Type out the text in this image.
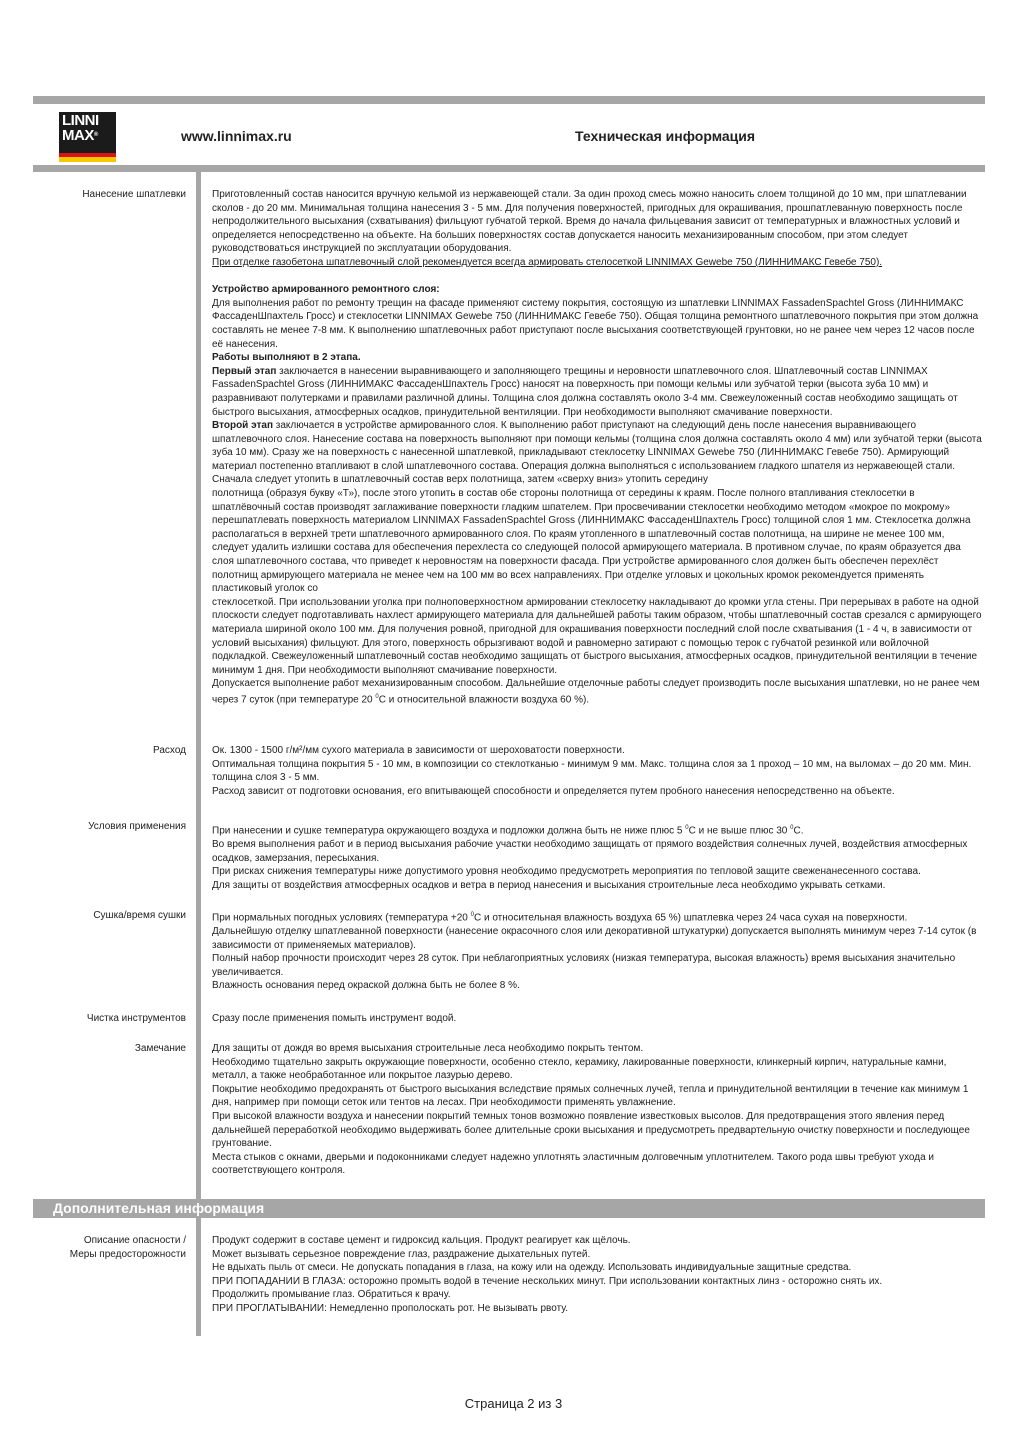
LINNI
MAX®	www.linnimax.ru	Техническая информация
Нанесение шпатлевки	Приготовленный состав наносится вручную кельмой из нержавеющей стали. За один проход смесь можно наносить слоем толщиной до 10 мм, при шпатлевании сколов - до 20 мм. Минимальная толщина нанесения 3 - 5 мм. Для получения поверхностей, пригодных для окрашивания, прошпатлеванную поверхность после непродолжительного высыхания (схватывания) фильцуют губчатой теркой. Время до начала фильцевания зависит от температурных и влажностных условий и определяется непосредственно на объекте. На больших поверхностях состав допускается наносить механизированным способом, при этом следует руководствоваться инструкцией по эксплуатации оборудования.

При отделке газобетона шпатлевочный слой рекомендуется всегда армировать стелосеткой LINNIMAX Gewebe 750 (ЛИННИМАКС Гевебе 750).

Устройство армированного ремонтного слоя:

Для выполнения работ по ремонту трещин на фасаде применяют систему покрытия, состоящую из шпатлевки LINNIMAX FassadenSpachtel Gross (ЛИННИМАКС ФассаденШпахтель Гросс) и стеклосетки LINNIMAX Gewebe 750 (ЛИННИМАКС Гевебе 750). Общая толщина ремонтного шпатлевочного покрытия при этом должна составлять не менее 7-8 мм. К выполнению шпатлевочных работ приступают после высыхания соответствующей грунтовки, но не ранее чем через 12 часов после её нанесения.

Работы выполняют в 2 этапа.

Первый этап заключается в нанесении выравнивающего и заполняющего трещины и неровности шпатлевочного слоя. Шпатлевочный состав LINNIMAX FassadenSpachtel Gross (ЛИННИМАКС ФассаденШпахтель Гросс) наносят на поверхность при помощи кельмы или зубчатой терки (высота зуба 10 мм) и разравнивают полутерками и правилами различной длины. Толщина слоя должна составлять около 3-4 мм. Свежеуложенный состав необходимо защищать от быстрого высыхания, атмосферных осадков, принудительной вентиляции. При необходимости выполняют смачивание поверхности.

Второй этап заключается в устройстве армированного слоя. К выполнению работ приступают на следующий день после нанесения выравнивающего шпатлевочного слоя. Нанесение состава на поверхность выполняют при помощи кельмы (толщина слоя должна составлять около 4 мм) или зубчатой терки (высота зуба 10 мм). Сразу же на поверхность с нанесенной шпатлевкой, прикладывают стеклосетку LINNIMAX Gewebe 750 (ЛИННИМАКС Гевебе 750). Армирующий материал постепенно втапливают в слой шпатлевочного состава. Операция должна выполняться с использованием гладкого шпателя из нержавеющей стали. Сначала следует утопить в шпатлевочный состав верх полотнища, затем «сверху вниз» утопить середину

полотнища (образуя букву «Т»), после этого утопить в состав обе стороны полотнища от середины к краям. После полного втапливания стеклосетки в шпатлёвочный состав производят заглаживание поверхности гладким шпателем. При просвечивании стеклосетки необходимо методом «мокрое по мокрому» перешпатлевать поверхность материалом LINNIMAX FassadenSpachtel Gross (ЛИННИМАКС ФассаденШпахтель Гросс) толщиной слоя 1 мм. Стеклосетка должна располагаться в верхней трети шпатлевочного армированного слоя. По краям утопленного в шпатлевочный состав полотнища, на ширине не менее 100 мм, следует удалить излишки состава для обеспечения перехлеста со следующей полосой армирующего материала. В противном случае, по краям образуется два слоя шпатлевочного состава, что приведет к неровностям на поверхности фасада. При устройстве армированного слоя должен быть обеспечен перехлёст полотнищ армирующего материала не менее чем на 100 мм во всех направлениях. При отделке угловых и цокольных кромок рекомендуется применять пластиковый уголок со

стеклосеткой. При использовании уголка при полноповерхностном армировании стеклосетку накладывают до кромки угла стены. При перерывах в работе на одной плоскости следует подготавливать нахлест армирующего материала для дальнейшей работы таким образом, чтобы шпатлевочный состав срезался с армирующего материала шириной около 100 мм. Для получения ровной, пригодной для окрашивания поверхности последний слой после схватывания (1 - 4 ч, в зависимости от условий высыхания) фильцуют. Для этого, поверхность обрызгивают водой и равномерно затирают с помощью терок с губчатой резинкой или войлочной подкладкой. Свежеуложенный шпатлевочный состав необходимо защищать от быстрого высыхания, атмосферных осадков, принудительной вентиляции в течение минимум 1 дня. При необходимости выполняют смачивание поверхности.

Допускается выполнение работ механизированным способом. Дальнейшие отделочные работы следует производить после высыхания шпатлевки, но не ранее чем через 7 суток (при температуре 20 $^0$С и относительной влажности воздуха 60 %).

Расход	Ок. 1300 - 1500 г/м²/мм сухого материала в зависимости от шероховатости поверхности.

Оптимальная толщина покрытия 5 - 10 мм, в композиции со стеклотканью - минимум 9 мм. Макс. толщина слоя за 1 проход – 10 мм, на выломах – до 20 мм. Мин. толщина слоя 3 - 5 мм.

Расход зависит от подготовки основания, его впитывающей способности и определяется путем пробного нанесения непосредственно на объекте.

Условия применения	При нанесении и сушке температура окружающего воздуха и подложки должна быть не ниже плюс 5 $^0$С и не выше плюс 30 $^0$С.

Во время выполнения работ и в период высыхания рабочие участки необходимо защищать от прямого воздействия солнечных лучей, воздействия атмосферных осадков, замерзания, пересыхания.

При рисках снижения температуры ниже допустимого уровня необходимо предусмотреть мероприятия по тепловой защите свеженанесенного состава.

Для защиты от воздействия атмосферных осадков и ветра в период нанесения и высыхания строительные леса необходимо укрывать сетками.

Сушка/время сушки	При нормальных погодных условиях (температура +20 $^0$С и относительная влажность воздуха 65 %) шпатлевка через 24 часа сухая на поверхности.

Дальнейшую отделку шпатлеванной поверхности (нанесение окрасочного слоя или декоративной штукатурки) допускается выполнять минимум через 7-14 суток (в зависимости от применяемых материалов).

Полный набор прочности происходит через 28 суток. При неблагоприятных условиях (низкая температура, высокая влажность) время высыхания значительно увеличивается.

Влажность основания перед окраской должна быть не более 8 %.

Чистка инструментов	Сразу после применения помыть инструмент водой.

Замечание	Для защиты от дождя во время высыхания строительные леса необходимо покрыть тентом.

Необходимо тщательно закрыть окружающие поверхности, особенно стекло, керамику, лакированные поверхности, клинкерный кирпич, натуральные камни, металл, а также необработанное или покрытое лазурью дерево.

Покрытие необходимо предохранять от быстрого высыхания вследствие прямых солнечных лучей, тепла и принудительной вентиляции в течение как минимум 1 дня, например при помощи сеток или тентов на лесах. При необходимости применять увлажнение.

При высокой влажности воздуха и нанесении покрытий темных тонов возможно появление известковых высолов. Для предотвращения этого явления перед дальнейшей переработкой необходимо выдерживать более длительные сроки высыхания и предусмотреть предвартельную очистку поверхности и последующее грунтование.

Места стыков с окнами, дверьми и подоконниками следует надежно уплотнять эластичным долговечным уплотнителем. Такого рода швы требуют ухода и соответствующего контроля.

Дополнительная информация
Описание опасности /
Меры предосторожности

Продукт содержит в составе цемент и гидроксид кальция. Продукт реагирует как щёлочь.

Может вызывать серьезное повреждение глаз, раздражение дыхательных путей.

Не вдыхать пыль от смеси. Не допускать попадания в глаза, на кожу или на одежду. Использовать индивидуальные защитные средства.

ПРИ ПОПАДАНИИ В ГЛАЗА: осторожно промыть водой в течение нескольких минут. При использовании контактных линз - осторожно снять их.

Продолжить промывание глаз. Обратиться к врачу.

ПРИ ПРОГЛАТЫВАНИИ: Немедленно прополоскать рот. Не вызывать рвоту.

Страница 2 из 3
